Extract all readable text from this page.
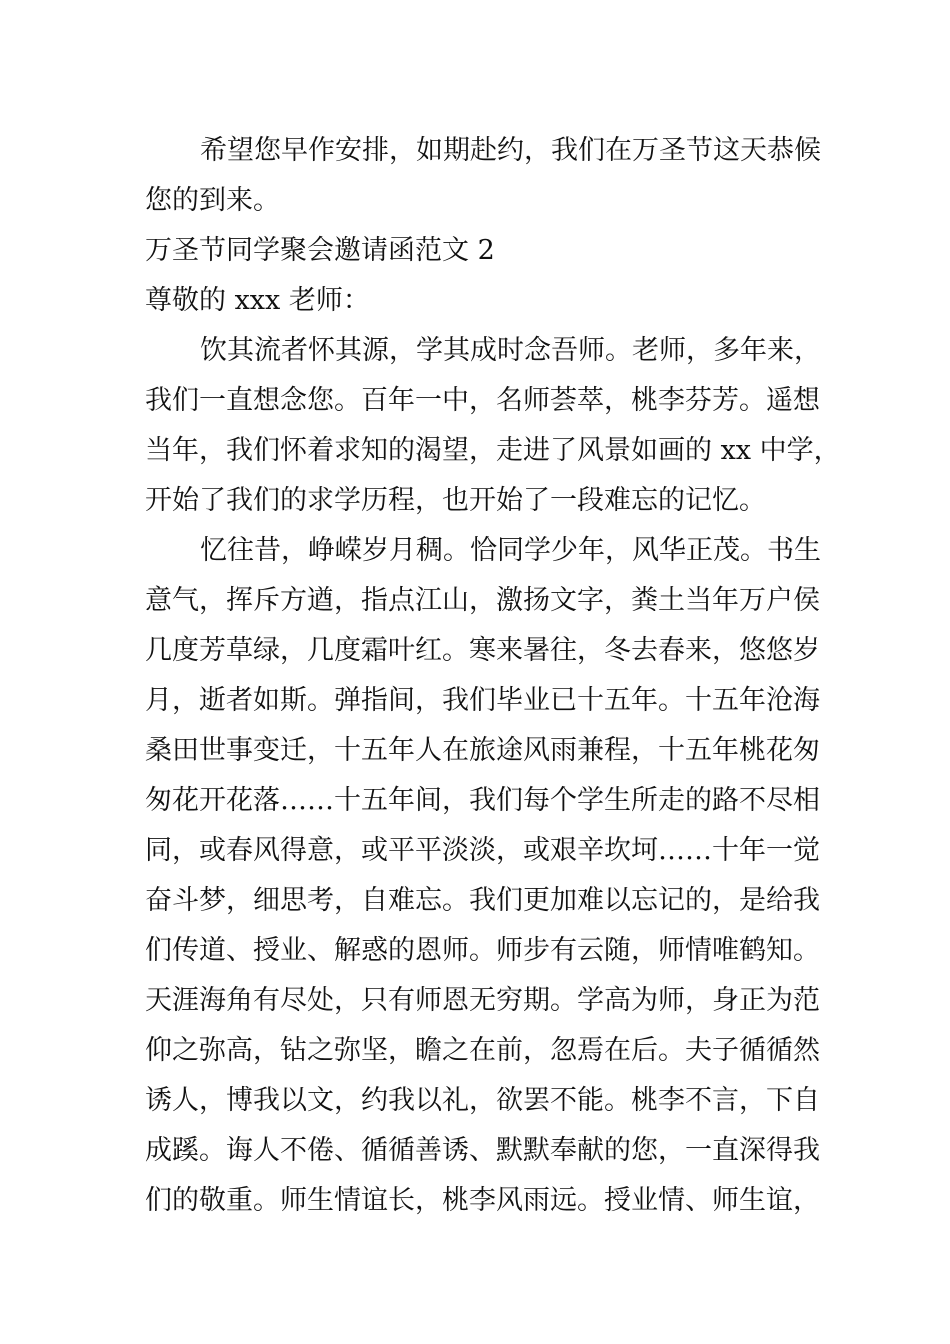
希望您早作安排，如期赴约，我们在万圣节这天恭候
您的到来。
万圣节同学聚会邀请函范文 2
尊敬的 xxx 老师：
饮其流者怀其源，学其成时念吾师。老师，多年来，
我们一直想念您。百年一中，名师荟萃，桃李芬芳。遥想
当年，我们怀着求知的渴望，走进了风景如画的 xx 中学，
开始了我们的求学历程，也开始了一段难忘的记忆。
忆往昔，峥嵘岁月稠。恰同学少年，风华正茂。书生
意气，挥斥方遒，指点江山，激扬文字，粪土当年万户侯
几度芳草绿，几度霜叶红。寒来暑往，冬去春来，悠悠岁
月，逝者如斯。弹指间，我们毕业已十五年。十五年沧海
桑田世事变迁，十五年人在旅途风雨兼程，十五年桃花匆
匆花开花落……十五年间，我们每个学生所走的路不尽相
同，或春风得意，或平平淡淡，或艰辛坎坷……十年一觉
奋斗梦，细思考，自难忘。我们更加难以忘记的，是给我
们传道、授业、解惑的恩师。师步有云随，师情唯鹤知。
天涯海角有尽处，只有师恩无穷期。学高为师，身正为范
仰之弥高，钻之弥坚，瞻之在前，忽焉在后。夫子循循然
诱人，博我以文，约我以礼，欲罢不能。桃李不言，下自
成蹊。诲人不倦、循循善诱、默默奉献的您，一直深得我
们的敬重。师生情谊长，桃李风雨远。授业情、师生谊，
